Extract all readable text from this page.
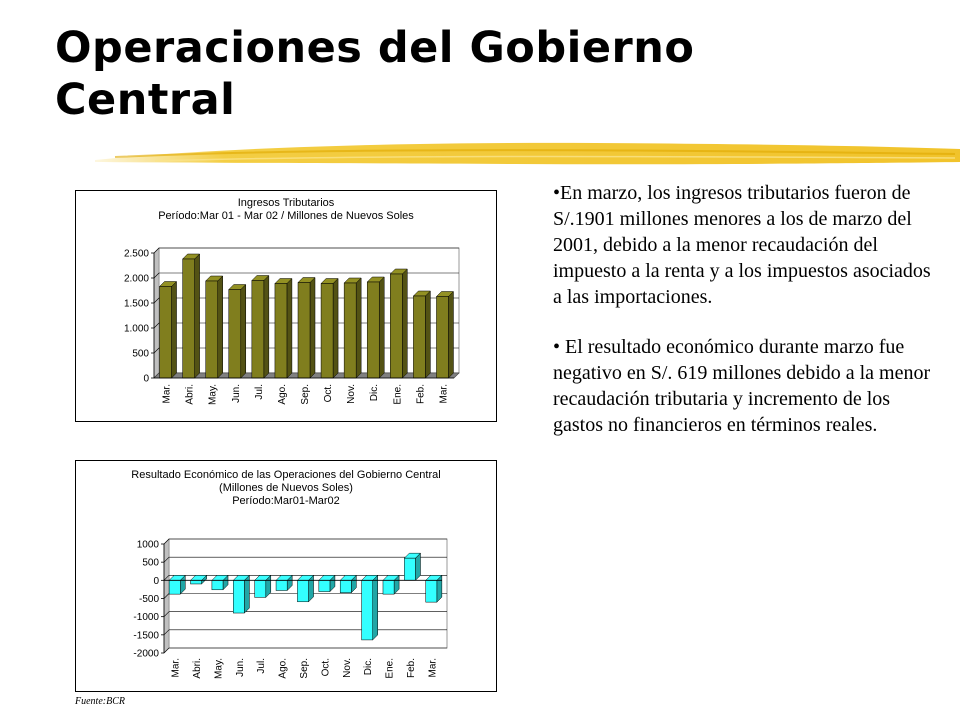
Operaciones del Gobierno Central
Ingresos Tributarios
Período:Mar 01 - Mar 02 / Millones de Nuevos Soles
0
500
1.000
1.500
2.000
2.500
Mar. Abri. May. Jun. Jul. Ago. Sep. Oct. Nov. Dic. Ene. Feb. Mar.
Resultado Económico de las Operaciones del Gobierno Central
(Millones de Nuevos Soles)
Período:Mar01-Mar02
-2000
-1500
-1000
-500
0
500
1000
Mar. Abri. May. Jun. Jul. Ago. Sep. Oct. Nov. Dic. Ene. Feb. Mar.
Fuente:BCR

•En marzo, los ingresos tributarios fueron de S/.1901 millones menores a los de marzo del 2001, debido a la menor recaudación del impuesto a la renta y a los impuestos asociados a las importaciones.

• El resultado económico durante marzo fue negativo en S/. 619 millones debido a la menor recaudación tributaria y incremento de los gastos no financieros en términos reales.
